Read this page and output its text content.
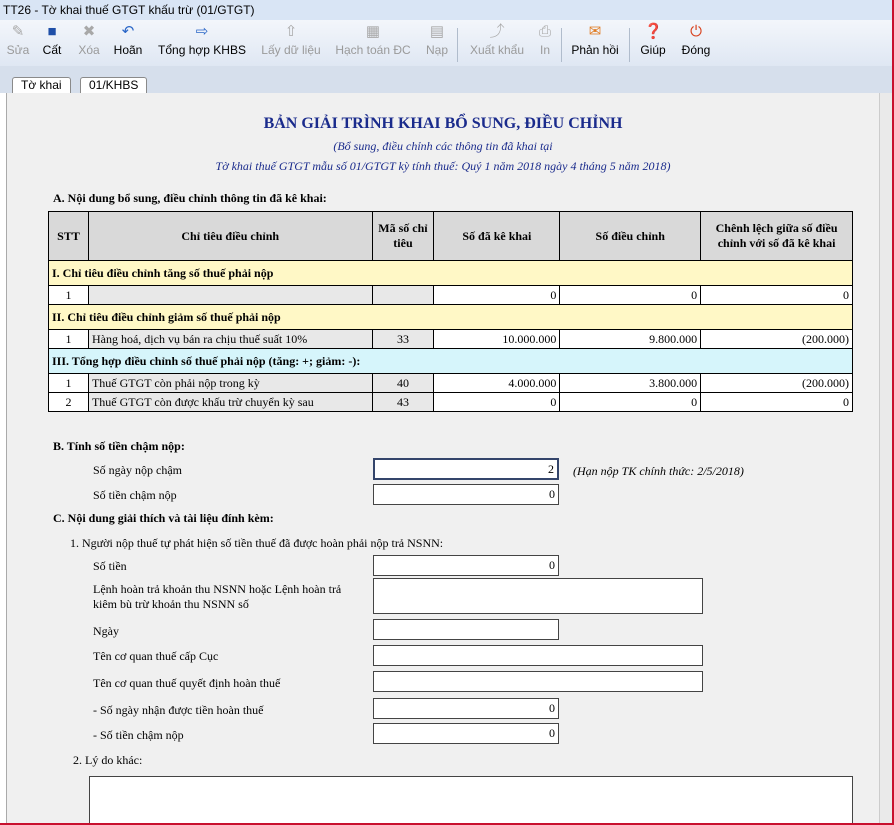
TT26 - Tờ khai thuế GTGT khấu trừ (01/GTGT)
✎
Sửa
■
Cất
✖
Xóa
↶
Hoãn
⇨
Tổng hợp KHBS
⇧
Lấy dữ liệu
▦
Hạch toán ĐC
▤
Nạp
⤴
Xuất khẩu
⎙
In
✉
Phản hồi
❓
Giúp
⏻
Đóng
Tờ khai	01/KHBS
BẢN GIẢI TRÌNH KHAI BỔ SUNG, ĐIỀU CHỈNH
(Bổ sung, điều chỉnh các thông tin đã khai tại
Tờ khai thuế GTGT mẫu số 01/GTGT kỳ tính thuế: Quý 1 năm 2018 ngày 4 tháng 5 năm 2018)
A. Nội dung bổ sung, điều chỉnh thông tin đã kê khai:
STT	Chỉ tiêu điều chỉnh	Mã số chỉ tiêu	Số đã kê khai	Số điều chỉnh	Chênh lệch giữa số điều chỉnh với số đã kê khai
I. Chỉ tiêu điều chỉnh tăng số thuế phải nộp					
1			0	0	0
II. Chỉ tiêu điều chỉnh giảm số thuế phải nộp					
1	Hàng hoá, dịch vụ bán ra chịu thuế suất 10%	33	10.000.000	9.800.000	(200.000)
III. Tổng hợp điều chỉnh số thuế phải nộp (tăng: +; giảm: -):					
1	Thuế GTGT còn phải nộp trong kỳ	40	4.000.000	3.800.000	(200.000)
2	Thuế GTGT còn được khấu trừ chuyển kỳ sau	43	0	0	0
B. Tính số tiền chậm nộp:
Số ngày nộp chậm	2	(Hạn nộp TK chính thức: 2/5/2018)
Số tiền chậm nộp	0
C. Nội dung giải thích và tài liệu đính kèm:
1. Người nộp thuế tự phát hiện số tiền thuế đã được hoàn phải nộp trả NSNN:
Số tiền	0
Lệnh hoàn trả khoản thu NSNN hoặc Lệnh hoàn trả kiêm bù trừ khoản thu NSNN số
Ngày
Tên cơ quan thuế cấp Cục
Tên cơ quan thuế quyết định hoàn thuế
- Số ngày nhận được tiền hoàn thuế	0
- Số tiền chậm nộp	0
2. Lý do khác:
